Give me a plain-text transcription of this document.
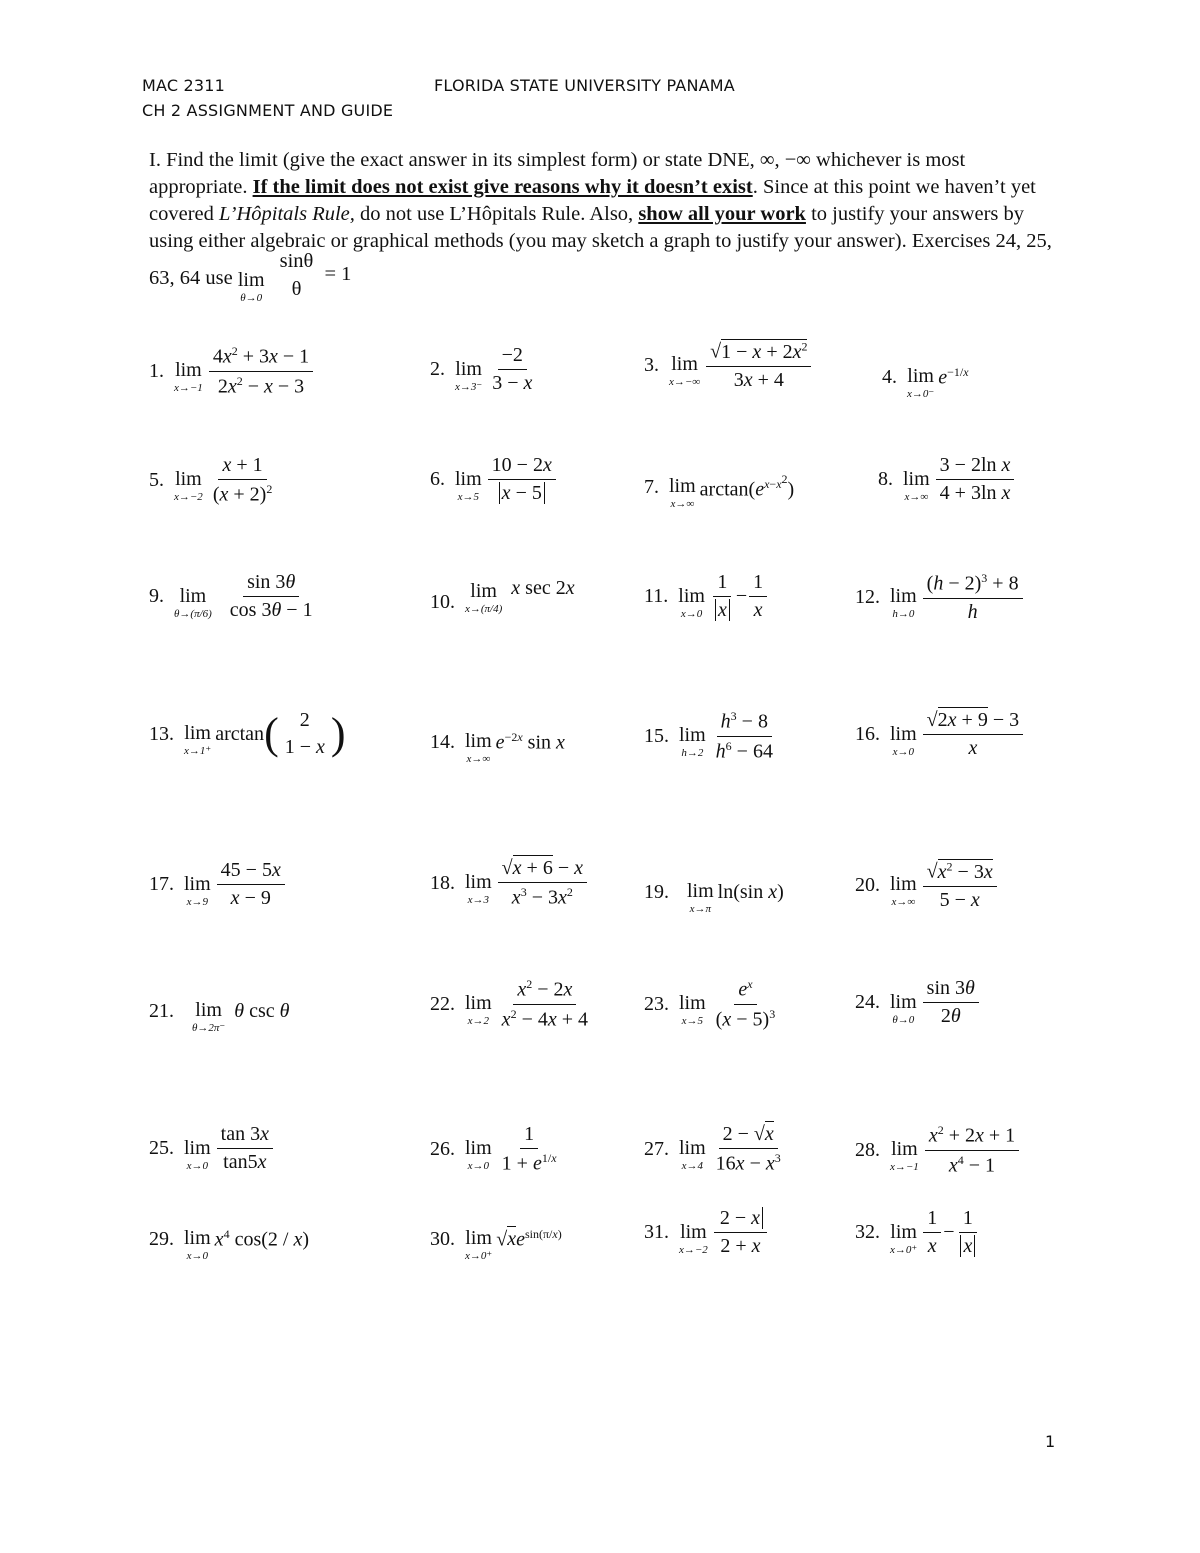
MAC 2311	FLORIDA STATE UNIVERSITY PANAMA
CH 2 ASSIGNMENT AND GUIDE
I. Find the limit (give the exact answer in its simplest form) or state DNE, ∞, −∞ whichever is most appropriate. If the limit does not exist give reasons why it doesn’t exist. Since at this point we haven’t yet covered L’Hôpitals Rule, do not use L’Hôpitals Rule. Also, show all your work to justify your answers by using either algebraic or graphical methods (you may sketch a graph to justify your answer). Exercises 24, 25, 63, 64 use lim
θ→0

sinθ
θ
= 1
1. lim
$x\to-1 \frac{4x^2 + 3x - 1}{2x^2 - x - 3}$	2. lim
$x\to 3^- \frac{-2}{3 - x}$	3. lim
$x\to-\infty \frac{√1 - x + 2x^2}{3x + 4}$	4. lim
x→0⁻
$e^{-1/x}$
5. lim
$x\to-2 \frac{x + 1}{(x + 2)^2}$	6. lim
$x\to 5 \frac{10 - 2x}{x - 5}$	7. lim
x→∞
$\arctan(e^{x-x^2})$	8. lim
$x\to\infty \frac{\text{3 − 2ln x}}{\text{4 + 3ln x}}$
9. lim
$\theta\to(\pi/6) \frac{\sin 3\theta}{\cos 3\theta - 1}$	10. lim
x→(π/4)
x sec 2x	11. lim
$x\to 0 \frac{1}{x} - \frac{1}{x}$	12. lim
$h\to 0 \frac{(h - 2)^3 + 8}{h}$
13. lim
x→1⁺
arctan ( 2
1 − x )	14. lim
x→∞
$e^{-2x}$ sin x	15. lim
$h\to 2 \frac{h^3 - 8}{h^6 - 64}$	16. lim
$x\to 0 \frac{√2x + 9 - 3}{x}$
17. lim
$x\to 9 \frac{45 - 5x}{x - 9}$	18. lim
$x\to 3 \frac{√x + 6 - x}{x^3 - 3x^2}$	19. lim
x→π
ln(sin x)	20. lim
$x\to\infty \frac{√x^2 - 3x}{5 - x}$
21. lim
θ→2π⁻
θ csc θ	22. lim
$x\to 2 \frac{x^2 - 2x}{x^2 - 4x + 4}$	23. lim
$x\to 5 \frac{e^x}{(x - 5)^3}$	24. lim
$\theta\to 0 \frac{\sin 3\theta}{2\theta}$
25. lim
$x\to 0 \frac{\tan 3x}{\tan 5x}$	26. lim
$x\to 0 \frac{1}{1 + e^{1/x}}$	27. lim
$x\to 4 \frac{2 - √x}{16x - x^3}$	28. lim
$x\to-1 \frac{x^2 + 2x + 1}{x^4 - 1}$
29. lim
x→0
$x^4$ cos(2 / x)	30. lim
x→0⁺
$√xe^{sin(\pi/x)}$	31. lim
$x\to-2 \frac{2 - x}{2 + x}$	32. lim
$x\to 0^+ \frac{1}{x} - \frac{1}{x}$
1
